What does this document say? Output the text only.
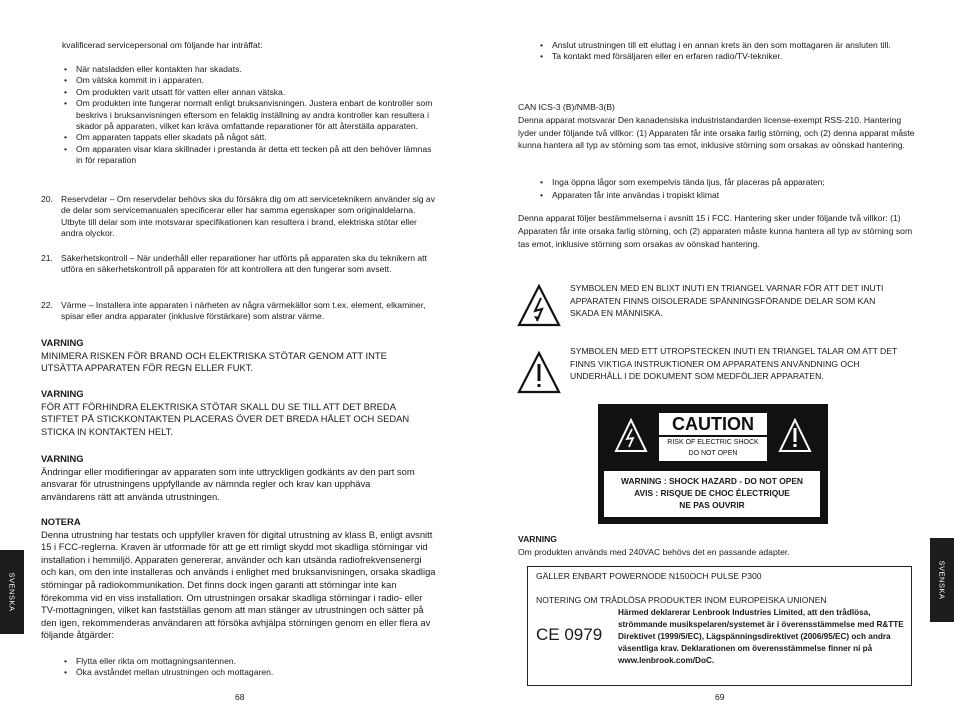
kvalificerad servicepersonal om följande har inträffat:
• När natsladden eller kontakten har skadats.
• Om vätska kommit in i apparaten.
• Om produkten varit utsatt för vatten eller annan vätska.
• Om produkten inte fungerar normalt enligt bruksanvisningen. Justera enbart de kontroller som beskrivs i bruksanvisningen eftersom en felaktig inställning av andra kontroller kan resultera i skador på apparaten, vilket kan kräva omfattande reparationer för att återställa apparaten.
• Om apparaten tappats eller skadats på något sätt.
• Om apparaten visar klara skillnader i prestanda är detta ett tecken på att den behöver lämnas in för reparation
20. Reservdelar – Om reservdelar behövs ska du försäkra dig om att serviceteknikern använder sig av de delar som servicemanualen specificerar eller har samma egenskaper som originaldelarna. Utbyte till delar som inte motsvarar specifikationen kan resultera i brand, elektriska stötar eller andra olyckor.
21. Säkerhetskontroll – När underhåll eller reparationer har utförts på apparaten ska du teknikern att utföra en säkerhetskontroll på apparaten för att kontrollera att den fungerar som avsett.
22. Värme – Installera inte apparaten i närheten av några värmekällor som t.ex. element, elkaminer, spisar eller andra apparater (inklusive förstärkare) som alstrar värme.

VARNING

MINIMERA RISKEN FÖR BRAND OCH ELEKTRISKA STÖTAR GENOM ATT INTE UTSÄTTA APPARATEN FÖR REGN ELLER FUKT.

VARNING

FÖR ATT FÖRHINDRA ELEKTRISKA STÖTAR SKALL DU SE TILL ATT DET BREDA STIFTET PÅ STICKKONTAKTEN PLACERAS ÖVER DET BREDA HÅLET OCH SEDAN STICKA IN KONTAKTEN HELT.

VARNING

Ändringar eller modifieringar av apparaten som inte uttryckligen godkänts av den part som ansvarar för utrustningens uppfyllande av nämnda regler och krav kan upphäva användarens rätt att använda utrustningen.

NOTERA

Denna utrustning har testats och uppfyller kraven för digital utrustning av klass B, enligt avsnitt 15 i FCC-reglerna. Kraven är utformade för att ge ett rimligt skydd mot skadliga störningar vid installation i hemmiljö. Apparaten genererar, använder och kan utsända radiofrekvensenergi och kan, om den inte installeras och används i enlighet med bruksanvisningen, orsaka skadliga störningar på radiokommunikation. Det finns dock ingen garanti att störningar inte kan förekomma vid en viss installation. Om utrustningen orsakar skadliga störningar i radio- eller TV-mottagningen, vilket kan fastställas genom att man stänger av utrustningen och sätter på den igen, rekommenderas användaren att försöka avhjälpa störningen genom en eller flera av följande åtgärder:

• Flytta eller rikta om mottagningsantennen.
• Öka avståndet mellan utrustningen och mottagaren.
68
SVENSKA
• Anslut utrustningen till ett eluttag i en annan krets än den som mottagaren är ansluten till.
• Ta kontakt med försäljaren eller en erfaren radio/TV-tekniker.

CAN ICS-3 (B)/NMB-3(B)

Denna apparat motsvarar Den kanadensiska industristandarden license-exempt RSS-210. Hantering lyder under följande två villkor: (1) Apparaten får inte orsaka farlig störning, och (2) denna apparat måste kunna hantera all typ av störning som tas emot, inklusive störning som orsakas av oönskad hantering.

• Inga öppna lågor som exempelvis tända ljus, får placeras på apparaten;
• Apparaten får inte användas i tropiskt klimat
Denna apparat följer bestämmelserna i avsnitt 15 i FCC. Hantering sker under följande två villkor: (1) Apparaten får inte orsaka farlig störning, och (2) apparaten måste kunna hantera all typ av störning som tas emot, inklusive störning som orsakas av oönskad hantering.
SYMBOLEN MED EN BLIXT INUTI EN TRIANGEL VARNAR FÖR ATT DET INUTI APPARATEN FINNS OISOLERADE SPÄNNINGSFÖRANDE DELAR SOM KAN SKADA EN MÄNNISKA.
SYMBOLEN MED ETT UTROPSTECKEN INUTI EN TRIANGEL TALAR OM ATT DET FINNS VIKTIGA INSTRUKTIONER OM APPARATENS ANVÄNDNING OCH UNDERHÅLL I DE DOKUMENT SOM MEDFÖLJER APPARATEN.
CAUTION
RISK OF ELECTRIC SHOCK
DO NOT OPEN
WARNING : SHOCK HAZARD - DO NOT OPEN
AVIS : RISQUE DE CHOC ÉLECTRIQUE
NE PAS OUVRIR

VARNING

Om produkten används med 240VAC behövs det en passande adapter.

GÄLLER ENBART POWERNODE N150OCH PULSE P300
NOTERING OM TRÅDLÖSA PRODUKTER INOM EUROPEISKA UNIONEN
CE 0979
Härmed deklarerar Lenbrook Industries Limited, att den trådlösa, strömmande musikspelaren/systemet är i överensstämmelse med R&TTE Direktivet (1999/5/EC), Lägspänningsdirektivet (2006/95/EC) och andra väsentliga krav. Deklarationen om överensstämmelse finner ni på www.lenbrook.com/DoC.
69
SVENSKA
